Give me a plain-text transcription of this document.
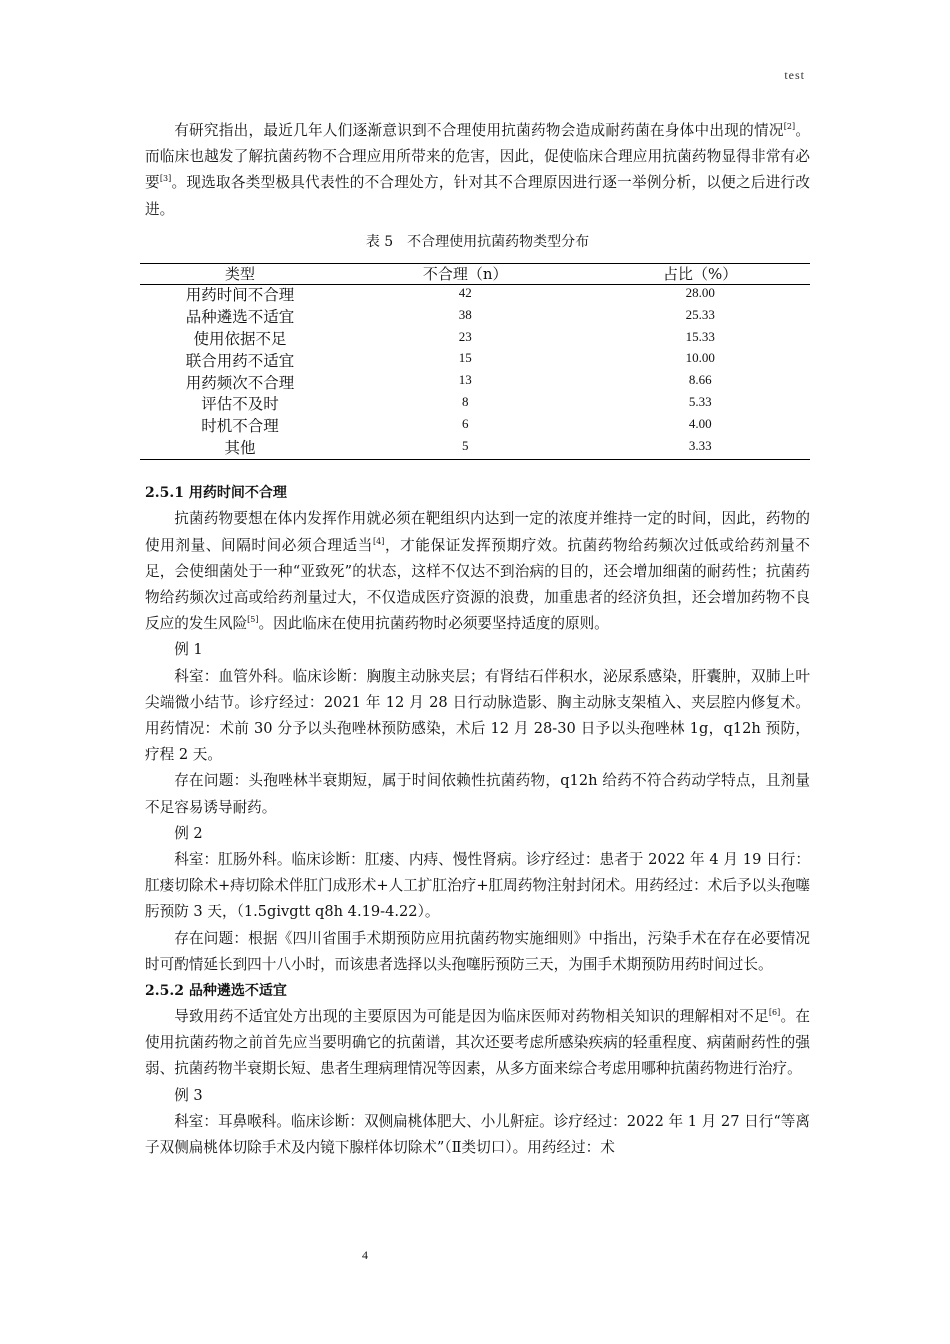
test

有研究指出，最近几年人们逐渐意识到不合理使用抗菌药物会造成耐药菌在身体中出现的情况[2]。而临床也越发了解抗菌药物不合理应用所带来的危害，因此，促使临床合理应用抗菌药物显得非常有必要[3]。现选取各类型极具代表性的不合理处方，针对其不合理原因进行逐一举例分析，以便之后进行改进。

表 5　不合理使用抗菌药物类型分布
类型	不合理（n）	占比（%）
用药时间不合理	42	28.00
品种遴选不适宜	38	25.33
使用依据不足	23	15.33
联合用药不适宜	15	10.00
用药频次不合理	13	8.66
评估不及时	8	5.33
时机不合理	6	4.00
其他	5	3.33
2.5.1 用药时间不合理

抗菌药物要想在体内发挥作用就必须在靶组织内达到一定的浓度并维持一定的时间，因此，药物的使用剂量、间隔时间必须合理适当[4]，才能保证发挥预期疗效。抗菌药物给药频次过低或给药剂量不足，会使细菌处于一种“亚致死”的状态，这样不仅达不到治病的目的，还会增加细菌的耐药性；抗菌药物给药频次过高或给药剂量过大，不仅造成医疗资源的浪费，加重患者的经济负担，还会增加药物不良反应的发生风险[5]。因此临床在使用抗菌药物时必须要坚持适度的原则。

例 1

科室：血管外科。临床诊断：胸腹主动脉夹层；有肾结石伴积水，泌尿系感染，肝囊肿，双肺上叶尖端微小结节。诊疗经过：2021 年 12 月 28 日行动脉造影、胸主动脉支架植入、夹层腔内修复术。用药情况：术前 30 分予以头孢唑林预防感染，术后 12 月 28-30 日予以头孢唑林 1g，q12h 预防，疗程 2 天。

存在问题：头孢唑林半衰期短，属于时间依赖性抗菌药物，q12h 给药不符合药动学特点，且剂量不足容易诱导耐药。

例 2

科室：肛肠外科。临床诊断：肛瘘、内痔、慢性肾病。诊疗经过：患者于 2022 年 4 月 19 日行：肛瘘切除术+痔切除术伴肛门成形术+人工扩肛治疗+肛周药物注射封闭术。用药经过：术后予以头孢噻肟预防 3 天，（1.5givgtt q8h 4.19-4.22）。

存在问题：根据《四川省围手术期预防应用抗菌药物实施细则》中指出，污染手术在存在必要情况时可酌情延长到四十八小时，而该患者选择以头孢噻肟预防三天，为围手术期预防用药时间过长。

2.5.2 品种遴选不适宜

导致用药不适宜处方出现的主要原因为可能是因为临床医师对药物相关知识的理解相对不足[6]。在使用抗菌药物之前首先应当要明确它的抗菌谱，其次还要考虑所感染疾病的轻重程度、病菌耐药性的强弱、抗菌药物半衰期长短、患者生理病理情况等因素，从多方面来综合考虑用哪种抗菌药物进行治疗。

例 3

科室：耳鼻喉科。临床诊断：双侧扁桃体肥大、小儿鼾症。诊疗经过：2022 年 1 月 27 日行“等离子双侧扁桃体切除手术及内镜下腺样体切除术”（Ⅱ类切口）。用药经过：术

4
